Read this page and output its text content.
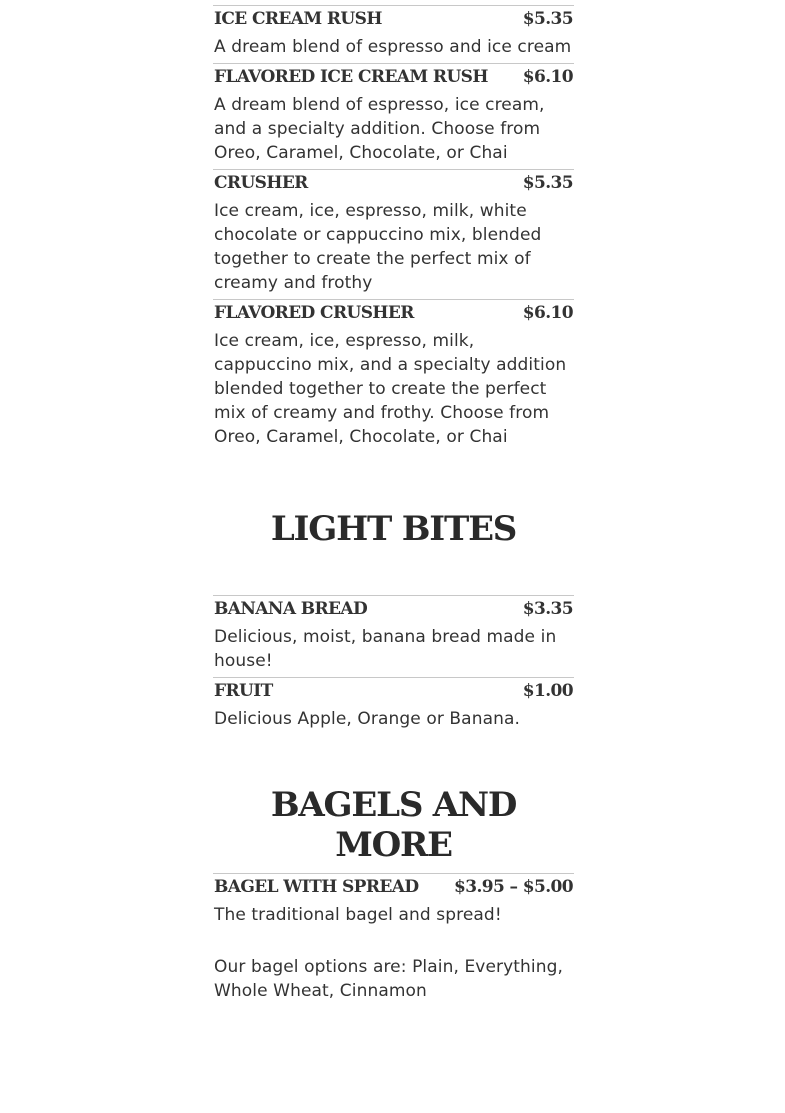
ICE CREAM RUSH	$5.35

A dream blend of espresso and ice cream

FLAVORED ICE CREAM RUSH $6.10

A dream blend of espresso, ice cream, and a specialty addition. Choose from Oreo, Caramel, Chocolate, or Chai

CRUSHER	$5.35

Ice cream, ice, espresso, milk, white chocolate or cappuccino mix, blended together to create the perfect mix of creamy and frothy

FLAVORED CRUSHER	$6.10

Ice cream, ice, espresso, milk, cappuccino mix, and a specialty addition blended together to create the perfect mix of creamy and frothy. Choose from Oreo, Caramel, Chocolate, or Chai

LIGHT BITES
BANANA BREAD	$3.35

Delicious, moist, banana bread made in house!

FRUIT	$1.00

Delicious Apple, Orange or Banana.

BAGELS AND MORE
BAGEL WITH SPREAD $3.95 – $5.00

The traditional bagel and spread!

Our bagel options are: Plain, Everything, Whole Wheat, Cinnamon
